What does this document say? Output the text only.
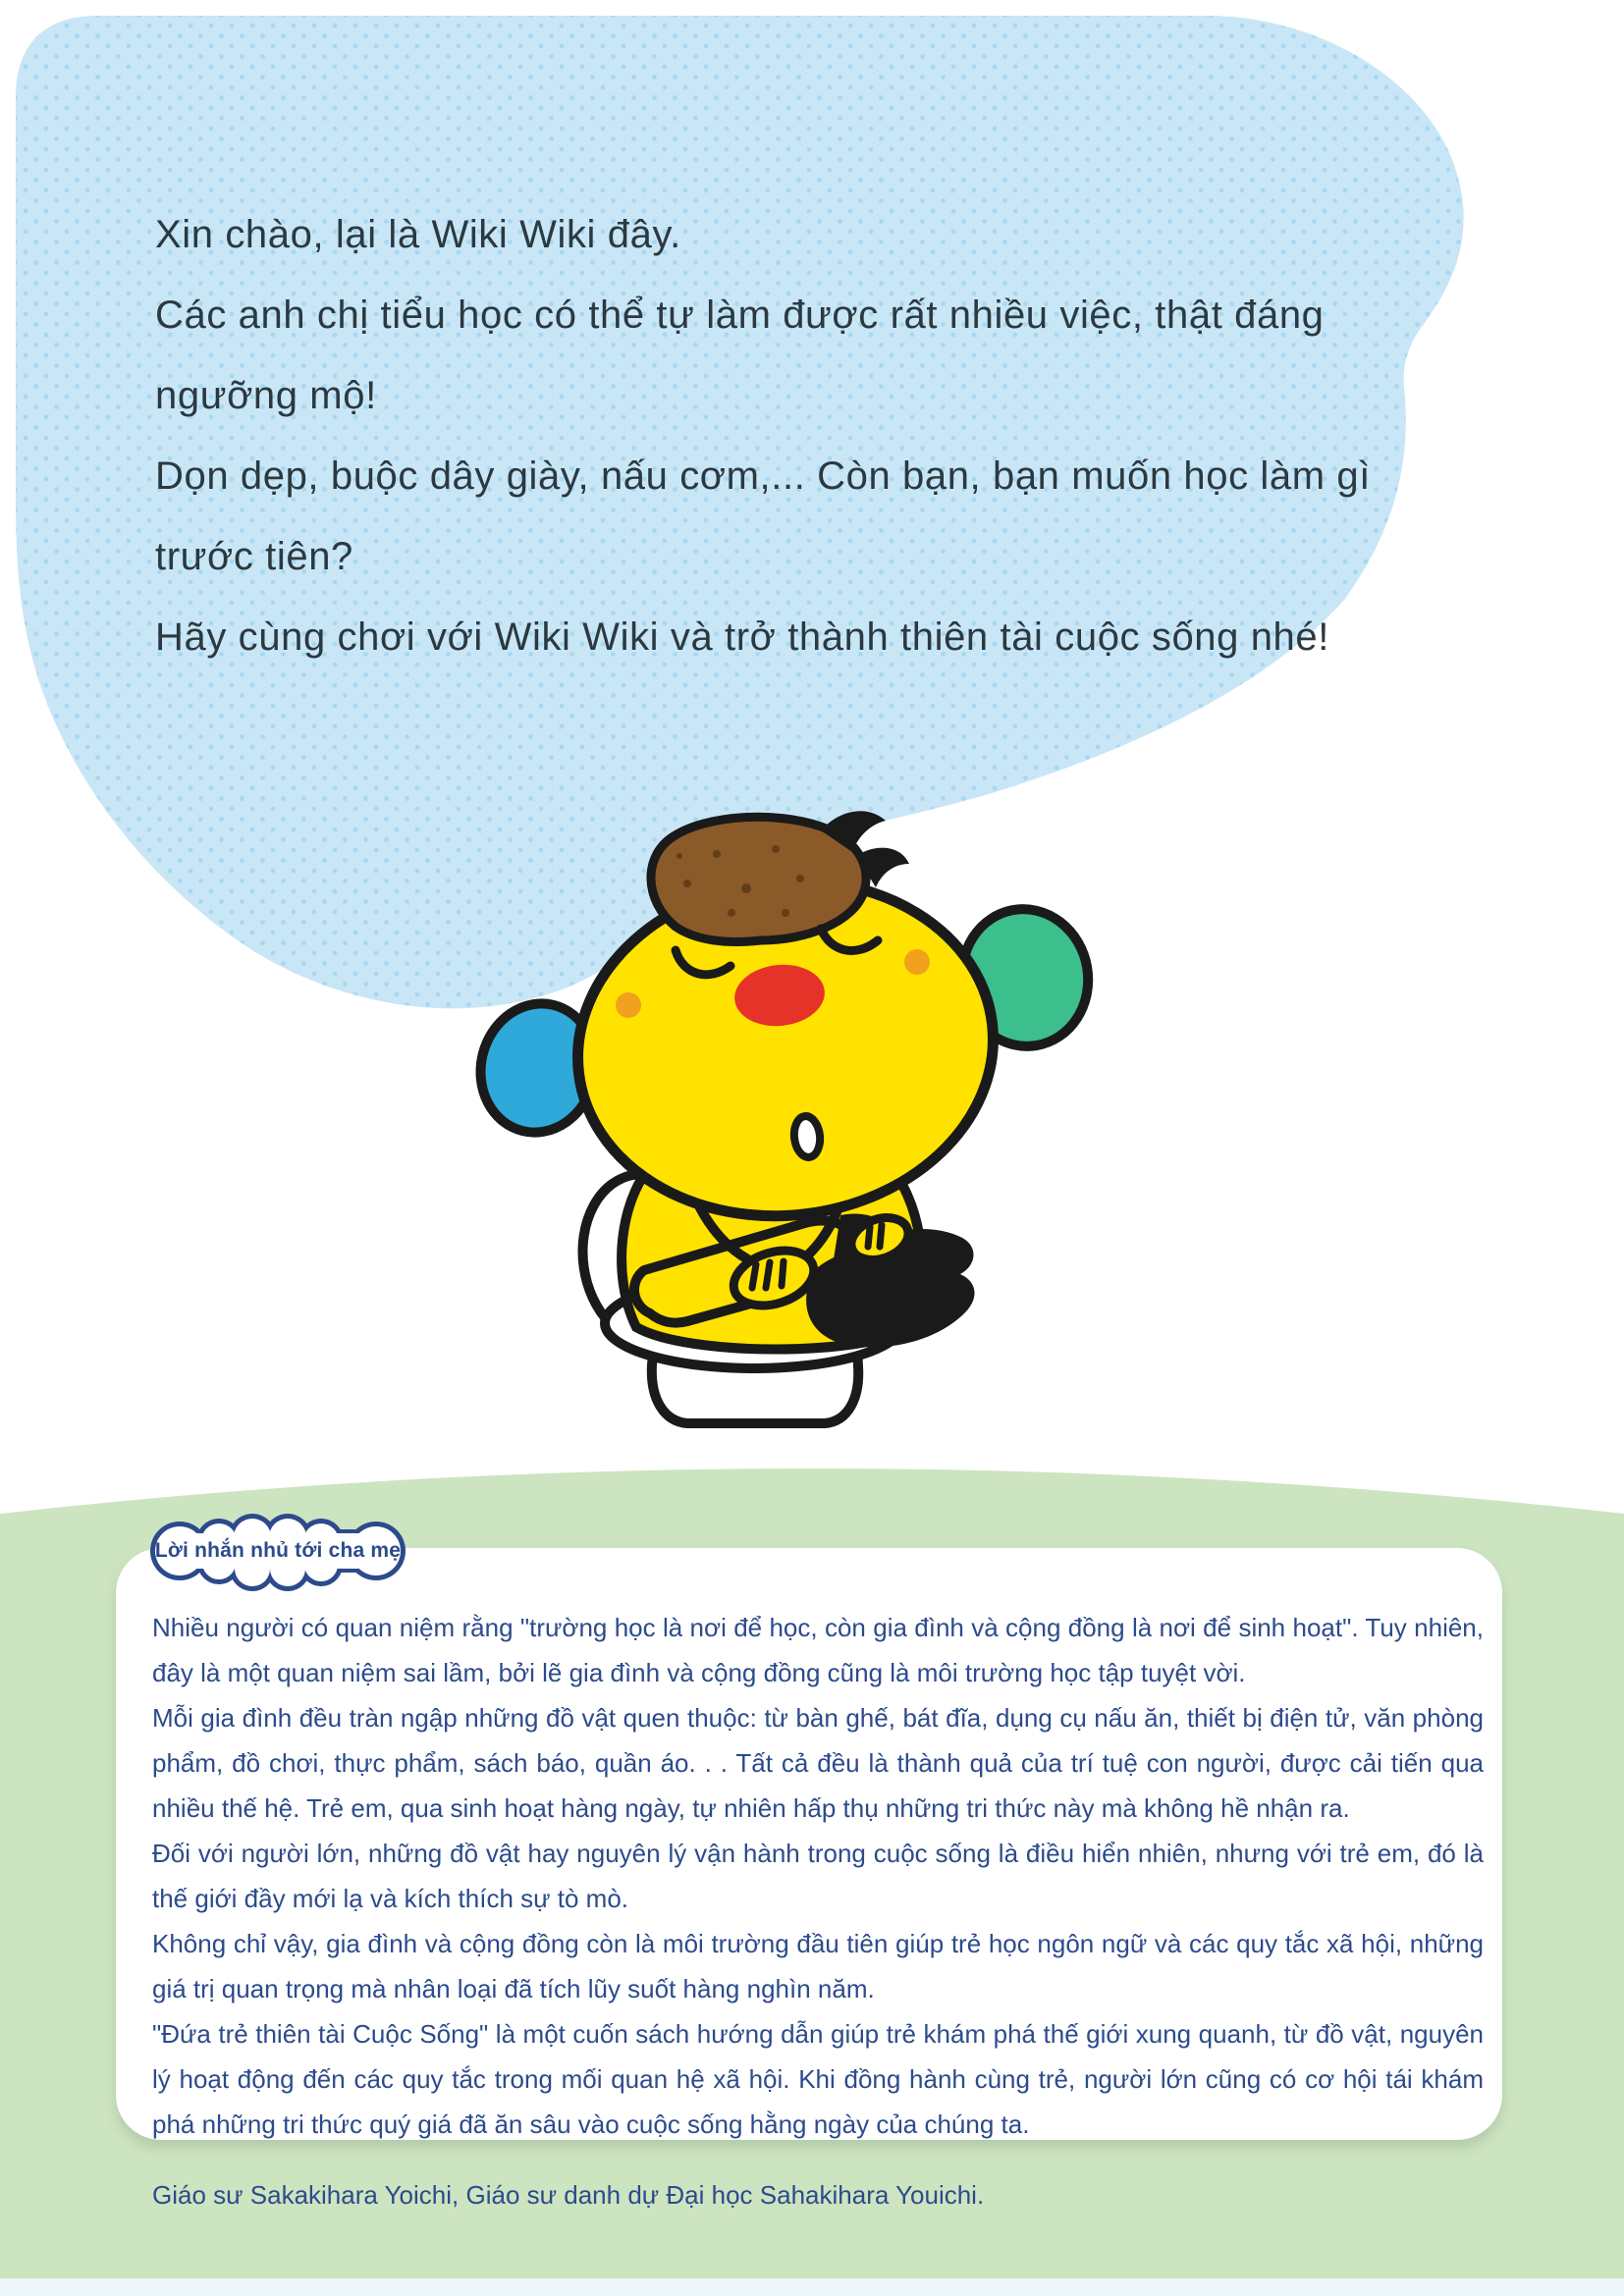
Xin chào, lại là Wiki Wiki đây.
Các anh chị tiểu học có thể tự làm được rất nhiều việc, thật đáng
ngưỡng mộ!
Dọn dẹp, buộc dây giày, nấu cơm,... Còn bạn, bạn muốn học làm gì
trước tiên?
Hãy cùng chơi với Wiki Wiki và trở thành thiên tài cuộc sống nhé!

Nhiều người có quan niệm rằng "trường học là nơi để học, còn gia đình và cộng đồng là nơi để sinh hoạt". Tuy nhiên, đây là một quan niệm sai lầm, bởi lẽ gia đình và cộng đồng cũng là môi trường học tập tuyệt vời.

Mỗi gia đình đều tràn ngập những đồ vật quen thuộc: từ bàn ghế, bát đĩa, dụng cụ nấu ăn, thiết bị điện tử, văn phòng phẩm, đồ chơi, thực phẩm, sách báo, quần áo. . . Tất cả đều là thành quả của trí tuệ con người, được cải tiến qua nhiều thế hệ. Trẻ em, qua sinh hoạt hàng ngày, tự nhiên hấp thụ những tri thức này mà không hề nhận ra.

Đối với người lớn, những đồ vật hay nguyên lý vận hành trong cuộc sống là điều hiển nhiên, nhưng với trẻ em, đó là thế giới đầy mới lạ và kích thích sự tò mò.

Không chỉ vậy, gia đình và cộng đồng còn là môi trường đầu tiên giúp trẻ học ngôn ngữ và các quy tắc xã hội, những giá trị quan trọng mà nhân loại đã tích lũy suốt hàng nghìn năm.

"Đứa trẻ thiên tài Cuộc Sống" là một cuốn sách hướng dẫn giúp trẻ khám phá thế giới xung quanh, từ đồ vật, nguyên lý hoạt động đến các quy tắc trong mối quan hệ xã hội. Khi đồng hành cùng trẻ, người lớn cũng có cơ hội tái khám phá những tri thức quý giá đã ăn sâu vào cuộc sống hằng ngày của chúng ta.

Giáo sư Sakakihara Yoichi, Giáo sư danh dự Đại học Sahakihara Youichi.

Lời nhắn nhủ tới cha mẹ
